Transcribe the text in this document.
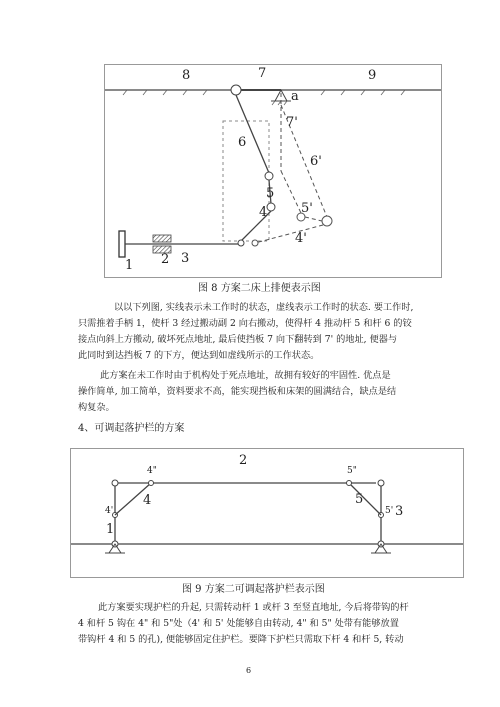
8	7	9
a
7'
6
6'
5
4	5'
4'
1 2 3
图 8 方案二床上排便表示图
以以下列图, 实线表示未工作时的状态，虚线表示工作时的状态. 要工作时,
只需推着手柄 1，使杆 3 经过搬动副 2 向右搬动，使得杆 4 推动杆 5 和杆 6 的铰
接点向斜上方搬动, 破坏死点地址, 最后使挡板 7 向下翻转到 7' 的地址, 便器与
此同时到达挡板 7 的下方，便达到如虚线所示的工作状态。
此方案在未工作时由于机构处于死点地址，故拥有较好的牢固性. 优点是
操作简单, 加工简单，资料要求不高，能实现挡板和床架的圆满结合，缺点是结
构复杂。
4、可调起落护栏的方案
2
4"
4
4'
1
5"
5
5' 3
图 9 方案二可调起落护栏表示图
此方案要实现护栏的升起, 只需转动杆 1 或杆 3 至竖直地址, 今后将带钩的杆
4 和杆 5 钩在 4" 和 5"处（4' 和 5' 处能够自由转动, 4" 和 5" 处带有能够放置
带钩杆 4 和 5 的孔), 便能够固定住护栏。要降下护栏只需取下杆 4 和杆 5, 转动
6
